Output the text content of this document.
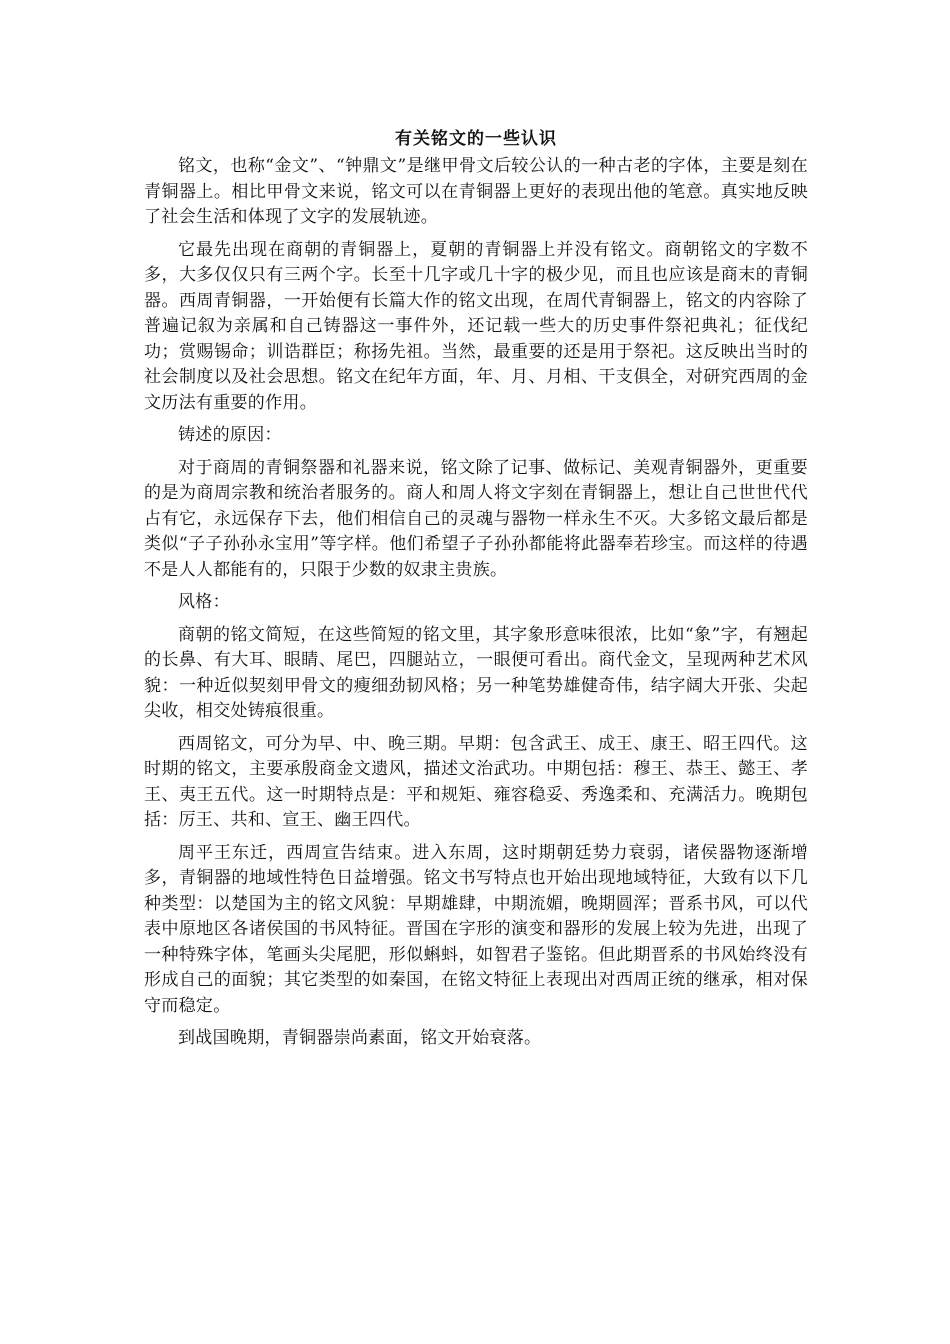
有关铭文的一些认识

铭文，也称“金文”、“钟鼎文”是继甲骨文后较公认的一种古老的字体，主要是刻在青铜器上。相比甲骨文来说，铭文可以在青铜器上更好的表现出他的笔意。真实地反映了社会生活和体现了文字的发展轨迹。

它最先出现在商朝的青铜器上，夏朝的青铜器上并没有铭文。商朝铭文的字数不多，大多仅仅只有三两个字。长至十几字或几十字的极少见，而且也应该是商末的青铜器。西周青铜器，一开始便有长篇大作的铭文出现，在周代青铜器上，铭文的内容除了普遍记叙为亲属和自己铸器这一事件外，还记载一些大的历史事件祭祀典礼；征伐纪功；赏赐锡命；训诰群臣；称扬先祖。当然，最重要的还是用于祭祀。这反映出当时的社会制度以及社会思想。铭文在纪年方面，年、月、月相、干支俱全，对研究西周的金文历法有重要的作用。

铸述的原因：

对于商周的青铜祭器和礼器来说，铭文除了记事、做标记、美观青铜器外，更重要的是为商周宗教和统治者服务的。商人和周人将文字刻在青铜器上，想让自己世世代代占有它，永远保存下去，他们相信自己的灵魂与器物一样永生不灭。大多铭文最后都是类似“子子孙孙永宝用”等字样。他们希望子子孙孙都能将此器奉若珍宝。而这样的待遇不是人人都能有的，只限于少数的奴隶主贵族。

风格：

商朝的铭文简短，在这些简短的铭文里，其字象形意味很浓，比如“象”字，有翘起的长鼻、有大耳、眼睛、尾巴，四腿站立，一眼便可看出。商代金文，呈现两种艺术风貌：一种近似契刻甲骨文的瘦细劲韧风格；另一种笔势雄健奇伟，结字阔大开张、尖起尖收，相交处铸痕很重。

西周铭文，可分为早、中、晚三期。早期：包含武王、成王、康王、昭王四代。这时期的铭文，主要承殷商金文遗风，描述文治武功。中期包括：穆王、恭王、懿王、孝王、夷王五代。这一时期特点是：平和规矩、雍容稳妥、秀逸柔和、充满活力。晚期包括：厉王、共和、宣王、幽王四代。

周平王东迁，西周宣告结束。进入东周，这时期朝廷势力衰弱，诸侯器物逐渐增多，青铜器的地域性特色日益增强。铭文书写特点也开始出现地域特征，大致有以下几种类型：以楚国为主的铭文风貌：早期雄肆，中期流媚，晚期圆浑；晋系书风，可以代表中原地区各诸侯国的书风特征。晋国在字形的演变和器形的发展上较为先进，出现了一种特殊字体，笔画头尖尾肥，形似蝌蚪，如智君子鉴铭。但此期晋系的书风始终没有形成自己的面貌；其它类型的如秦国，在铭文特征上表现出对西周正统的继承，相对保守而稳定。

到战国晚期，青铜器崇尚素面，铭文开始衰落。
